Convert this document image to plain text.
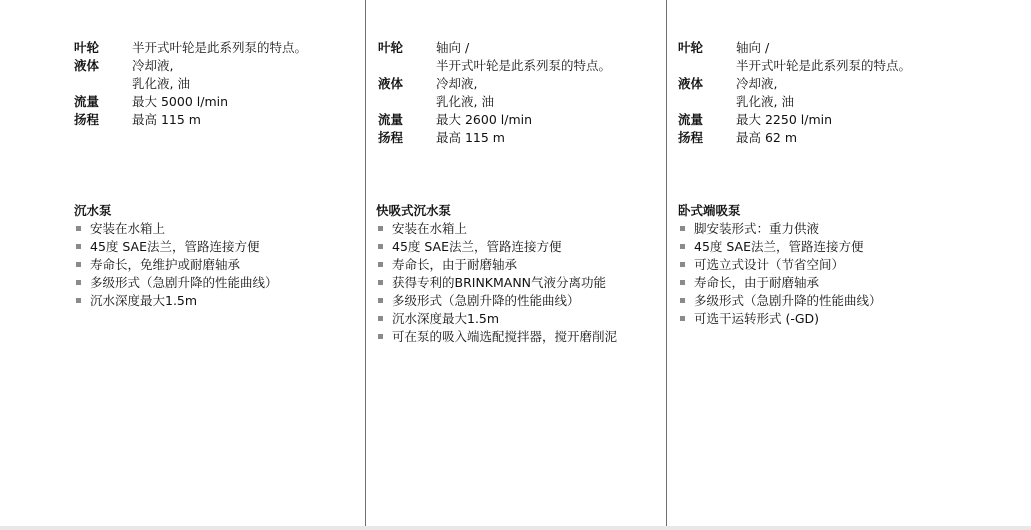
叶轮	半开式叶轮是此系列泵的特点。

液体	冷却液,
乳化液, 油

流量	最大 5000 l/min

扬程	最高 115 m
沉水泵
安装在水箱上
45度 SAE法兰，管路连接方便
寿命长，免维护或耐磨轴承
多级形式（急剧升降的性能曲线）
沉水深度最大1.5m
叶轮	轴向 /
半开式叶轮是此系列泵的特点。

液体	冷却液,
乳化液, 油

流量	最大 2600 l/min

扬程	最高 115 m
快吸式沉水泵
安装在水箱上
45度 SAE法兰，管路连接方便
寿命长，由于耐磨轴承
获得专利的BRINKMANN气液分离功能
多级形式（急剧升降的性能曲线）
沉水深度最大1.5m
可在泵的吸入端选配搅拌器，搅开磨削泥
叶轮	轴向 /
半开式叶轮是此系列泵的特点。

液体	冷却液,
乳化液, 油

流量	最大 2250 l/min

扬程	最高 62 m
卧式端吸泵
脚安装形式：重力供液
45度 SAE法兰，管路连接方便
可选立式设计（节省空间）
寿命长，由于耐磨轴承
多级形式（急剧升降的性能曲线）
可选干运转形式 (-GD)
